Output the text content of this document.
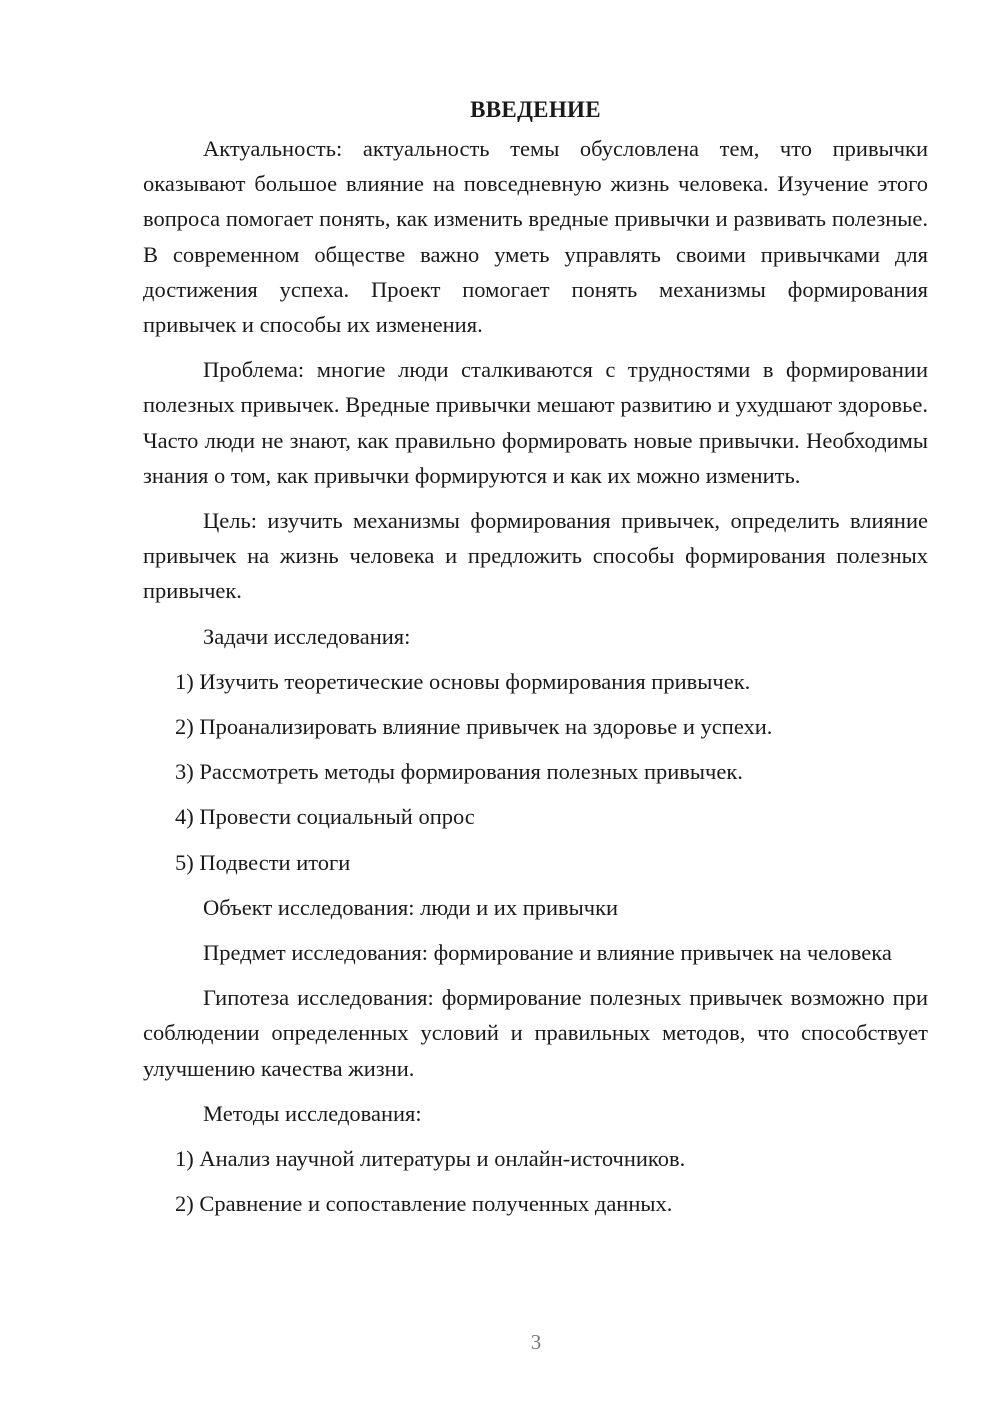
ВВЕДЕНИЕ

Актуальность: актуальность темы обусловлена тем, что привычки оказывают большое влияние на повседневную жизнь человека. Изучение этого вопроса помогает понять, как изменить вредные привычки и развивать полезные. В современном обществе важно уметь управлять своими привычками для достижения успеха. Проект помогает понять механизмы формирования привычек и способы их изменения.

Проблема: многие люди сталкиваются с трудностями в формировании полезных привычек. Вредные привычки мешают развитию и ухудшают здоровье. Часто люди не знают, как правильно формировать новые привычки. Необходимы знания о том, как привычки формируются и как их можно изменить.

Цель: изучить механизмы формирования привычек, определить влияние привычек на жизнь человека и предложить способы формирования полезных привычек.

Задачи исследования:
1) Изучить теоретические основы формирования привычек.
2) Проанализировать влияние привычек на здоровье и успехи.
3) Рассмотреть методы формирования полезных привычек.
4) Провести социальный опрос
5) Подвести итоги
Объект исследования: люди и их привычки

Предмет исследования: формирование и влияние привычек на человека

Гипотеза исследования: формирование полезных привычек возможно при соблюдении определенных условий и правильных методов, что способствует улучшению качества жизни.

Методы исследования:
1) Анализ научной литературы и онлайн-источников.
2) Сравнение и сопоставление полученных данных.
3
